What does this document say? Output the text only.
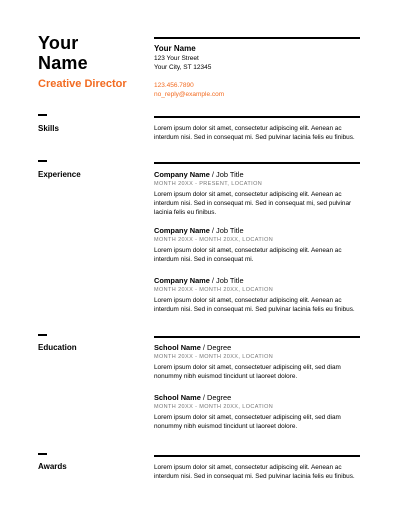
Your
Name
Creative Director
Your Name
123 Your Street
Your City, ST 12345
123.456.7890
no_reply@example.com
Skills	Lorem ipsum dolor sit amet, consectetur adipiscing elit. Aenean ac interdum nisi. Sed in consequat mi. Sed pulvinar lacinia felis eu finibus.
Experience	Company Name / Job Title
MONTH 20XX - PRESENT, LOCATION
Lorem ipsum dolor sit amet, consectetur adipiscing elit. Aenean ac interdum nisi. Sed in consequat mi. Sed in consequat mi, sed pulvinar lacinia felis eu finibus.
Company Name / Job Title
MONTH 20XX - MONTH 20XX, LOCATION
Lorem ipsum dolor sit amet, consectetur adipiscing elit. Aenean ac interdum nisi. Sed in consequat mi.
Company Name / Job Title
MONTH 20XX - MONTH 20XX, LOCATION
Lorem ipsum dolor sit amet, consectetur adipiscing elit. Aenean ac interdum nisi. Sed in consequat mi. Sed pulvinar lacinia felis eu finibus.
Education	School Name / Degree
MONTH 20XX - MONTH 20XX, LOCATION
Lorem ipsum dolor sit amet, consectetuer adipiscing elit, sed diam nonummy nibh euismod tincidunt ut laoreet dolore.
School Name / Degree
MONTH 20XX - MONTH 20XX, LOCATION
Lorem ipsum dolor sit amet, consectetuer adipiscing elit, sed diam nonummy nibh euismod tincidunt ut laoreet dolore.
Awards	Lorem ipsum dolor sit amet, consectetur adipiscing elit. Aenean ac interdum nisi. Sed in consequat mi. Sed pulvinar lacinia felis eu finibus.
